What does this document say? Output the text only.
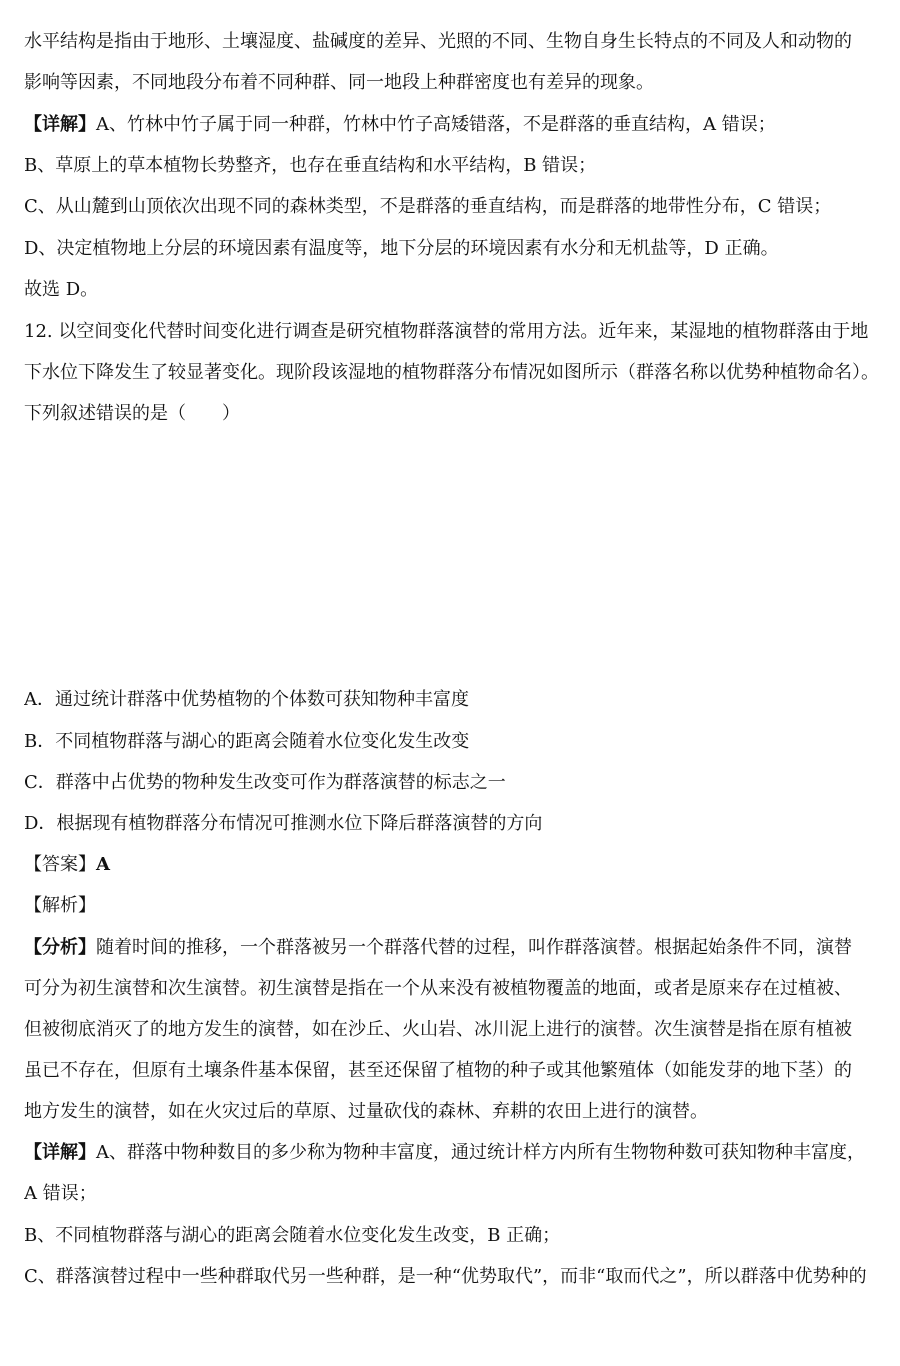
水平结构是指由于地形、土壤湿度、盐碱度的差异、光照的不同、生物自身生长特点的不同及人和动物的
影响等因素，不同地段分布着不同种群、同一地段上种群密度也有差异的现象。
【详解】A、竹林中竹子属于同一种群，竹林中竹子高矮错落，不是群落的垂直结构，A 错误；
B、草原上的草本植物长势整齐，也存在垂直结构和水平结构，B 错误；
C、从山麓到山顶依次出现不同的森林类型，不是群落的垂直结构，而是群落的地带性分布，C 错误；
D、决定植物地上分层的环境因素有温度等，地下分层的环境因素有水分和无机盐等，D 正确。
故选 D。
12. 以空间变化代替时间变化进行调查是研究植物群落演替的常用方法。近年来，某湿地的植物群落由于地
下水位下降发生了较显著变化。现阶段该湿地的植物群落分布情况如图所示（群落名称以优势种植物命名）。
下列叙述错误的是（　　）
A．通过统计群落中优势植物的个体数可获知物种丰富度
B．不同植物群落与湖心的距离会随着水位变化发生改变
C．群落中占优势的物种发生改变可作为群落演替的标志之一
D．根据现有植物群落分布情况可推测水位下降后群落演替的方向
【答案】A
【解析】
【分析】随着时间的推移，一个群落被另一个群落代替的过程，叫作群落演替。根据起始条件不同，演替
可分为初生演替和次生演替。初生演替是指在一个从来没有被植物覆盖的地面，或者是原来存在过植被、
但被彻底消灭了的地方发生的演替，如在沙丘、火山岩、冰川泥上进行的演替。次生演替是指在原有植被
虽已不存在，但原有土壤条件基本保留，甚至还保留了植物的种子或其他繁殖体（如能发芽的地下茎）的
地方发生的演替，如在火灾过后的草原、过量砍伐的森林、弃耕的农田上进行的演替。
【详解】A、群落中物种数目的多少称为物种丰富度，通过统计样方内所有生物物种数可获知物种丰富度，
A 错误；
B、不同植物群落与湖心的距离会随着水位变化发生改变，B 正确；
C、群落演替过程中一些种群取代另一些种群，是一种“优势取代”，而非“取而代之”，所以群落中优势种的
